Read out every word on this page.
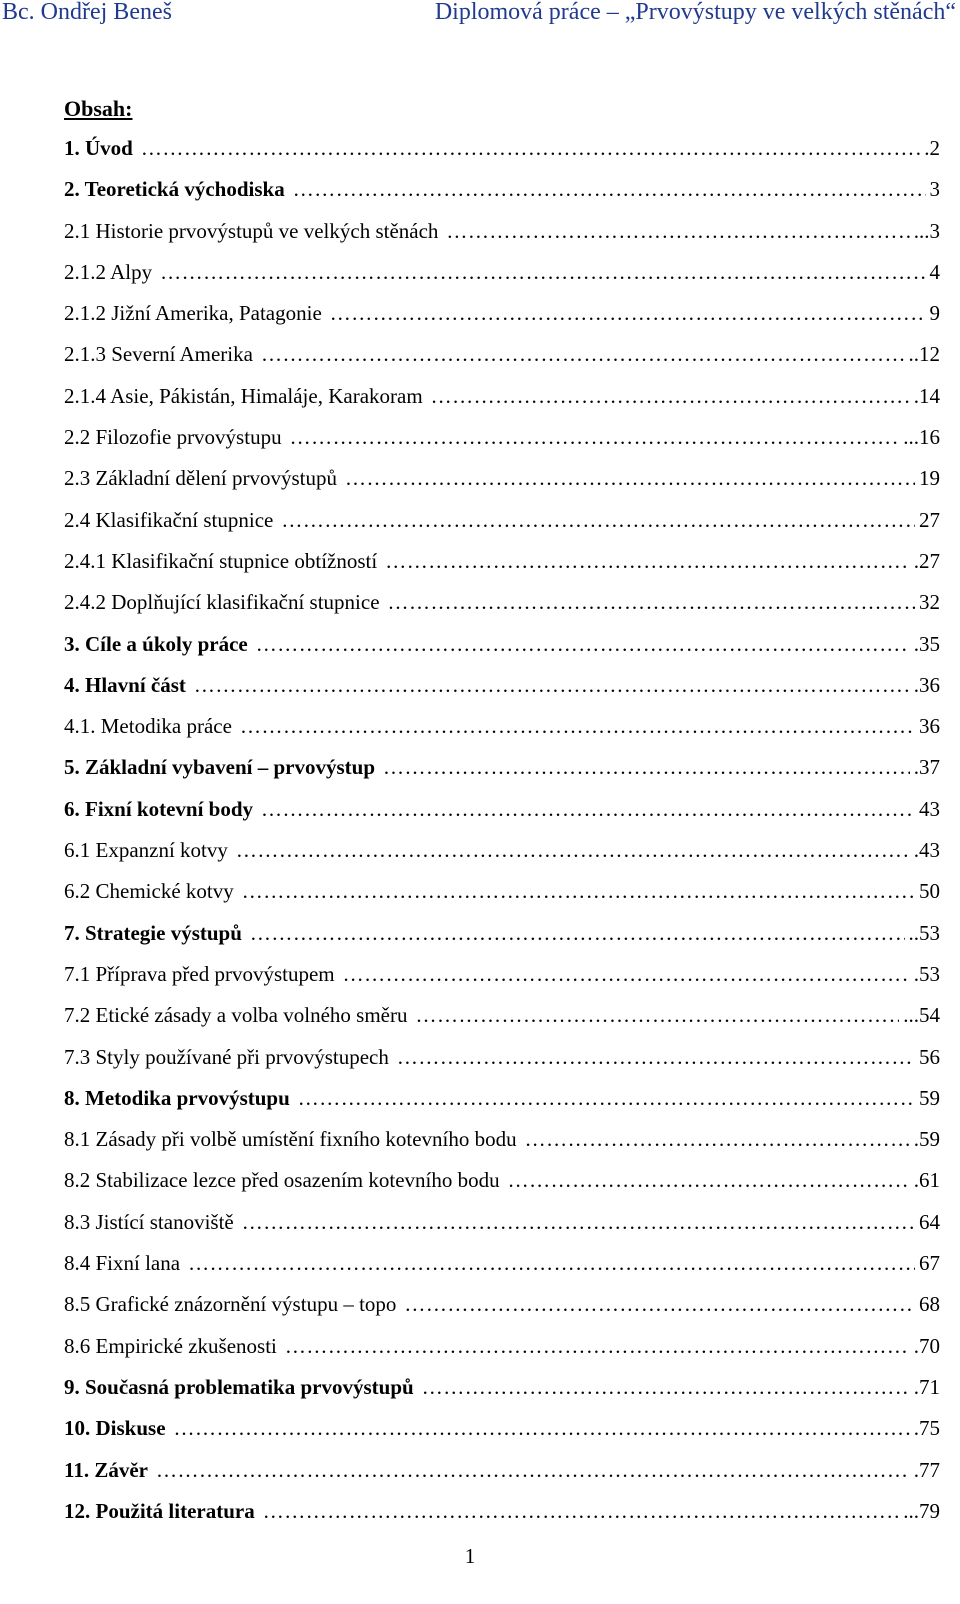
Bc. Ondřej Beneš	Diplomová práce – „Prvovýstupy ve velkých stěnách“
Obsah:
1. Úvod ……………………………………………………………………………………………………………………………………………………………………………………………………………………………………………	.2
2. Teoretická východiska ……………………………………………………………………………………………………………………………………………………………………………………………………………………………………………	3
2.1 Historie prvovýstupů ve velkých stěnách ……………………………………………………………………………………………………………………………………………………………………………………………………………………………………………	...3
2.1.2 Alpy ……………………………………………………………………………………………………………………………………………………………………………………………………………………………………………	4
2.1.2 Jižní Amerika, Patagonie ……………………………………………………………………………………………………………………………………………………………………………………………………………………………………………	9
2.1.3 Severní Amerika ……………………………………………………………………………………………………………………………………………………………………………………………………………………………………………	..12
2.1.4 Asie, Pákistán, Himaláje, Karakoram ……………………………………………………………………………………………………………………………………………………………………………………………………………………………………………	.14
2.2 Filozofie prvovýstupu ……………………………………………………………………………………………………………………………………………………………………………………………………………………………………………	...16
2.3 Základní dělení prvovýstupů ……………………………………………………………………………………………………………………………………………………………………………………………………………………………………………	19
2.4 Klasifikační stupnice ……………………………………………………………………………………………………………………………………………………………………………………………………………………………………………	27
2.4.1 Klasifikační stupnice obtížností ……………………………………………………………………………………………………………………………………………………………………………………………………………………………………………	.27
2.4.2 Doplňující klasifikační stupnice ……………………………………………………………………………………………………………………………………………………………………………………………………………………………………………	32
3. Cíle a úkoly práce ……………………………………………………………………………………………………………………………………………………………………………………………………………………………………………	.35
4. Hlavní část ……………………………………………………………………………………………………………………………………………………………………………………………………………………………………………	.36
4.1. Metodika práce ……………………………………………………………………………………………………………………………………………………………………………………………………………………………………………	36
5. Základní vybavení – prvovýstup ……………………………………………………………………………………………………………………………………………………………………………………………………………………………………………	.37
6. Fixní kotevní body ……………………………………………………………………………………………………………………………………………………………………………………………………………………………………………	43
6.1 Expanzní kotvy ……………………………………………………………………………………………………………………………………………………………………………………………………………………………………………	.43
6.2 Chemické kotvy ……………………………………………………………………………………………………………………………………………………………………………………………………………………………………………	50
7. Strategie výstupů ……………………………………………………………………………………………………………………………………………………………………………………………………………………………………………	..53
7.1 Příprava před prvovýstupem ……………………………………………………………………………………………………………………………………………………………………………………………………………………………………………	.53
7.2 Etické zásady a volba volného směru ……………………………………………………………………………………………………………………………………………………………………………………………………………………………………………	...54
7.3 Styly používané při prvovýstupech ……………………………………………………………………………………………………………………………………………………………………………………………………………………………………………	56
8. Metodika prvovýstupu ……………………………………………………………………………………………………………………………………………………………………………………………………………………………………………	59
8.1 Zásady při volbě umístění fixního kotevního bodu ……………………………………………………………………………………………………………………………………………………………………………………………………………………………………………	.59
8.2 Stabilizace lezce před osazením kotevního bodu ……………………………………………………………………………………………………………………………………………………………………………………………………………………………………………	.61
8.3 Jistící stanoviště ……………………………………………………………………………………………………………………………………………………………………………………………………………………………………………	64
8.4 Fixní lana ……………………………………………………………………………………………………………………………………………………………………………………………………………………………………………	67
8.5 Grafické znázornění výstupu – topo ……………………………………………………………………………………………………………………………………………………………………………………………………………………………………………	68
8.6 Empirické zkušenosti ……………………………………………………………………………………………………………………………………………………………………………………………………………………………………………	.70
9. Současná problematika prvovýstupů ……………………………………………………………………………………………………………………………………………………………………………………………………………………………………………	.71
10. Diskuse ……………………………………………………………………………………………………………………………………………………………………………………………………………………………………………	.75
11. Závěr ……………………………………………………………………………………………………………………………………………………………………………………………………………………………………………	.77
12. Použitá literatura ……………………………………………………………………………………………………………………………………………………………………………………………………………………………………………	...79
1
